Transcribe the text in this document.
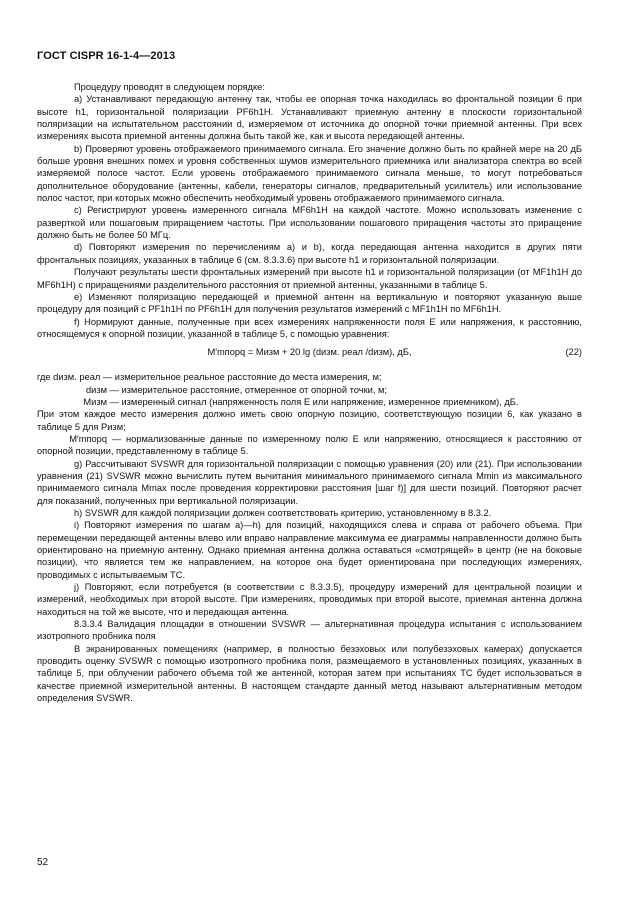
ГОСТ CISPR 16-1-4—2013

Процедуру проводят в следующем порядке:

а) Устанавливают передающую антенну так, чтобы ее опорная точка находилась во фронтальной позиции 6 при высоте h1, горизонтальной поляризации PF6h1H. Устанавливают приемную антенну в плоскости горизонтальной поляризации на испытательном расстоянии d, измеряемом от источника до опорной точки приемной антенны. При всех измерениях высота приемной антенны должна быть такой же, как и высота передающей антенны.

b) Проверяют уровень отображаемого принимаемого сигнала. Его значение должно быть по крайней мере на 20 дБ больше уровня внешних помех и уровня собственных шумов измерительного приемника или анализатора спектра во всей измеряемой полосе частот. Если уровень отображаемого принимаемого сигнала меньше, то могут потребоваться дополнительное оборудование (антенны, кабели, генераторы сигналов, предварительный усилитель) или использование полос частот, при которых можно обеспечить необходимый уровень отображаемого принимаемого сигнала.

с) Регистрируют уровень измеренного сигнала MF6h1H на каждой частоте. Можно использовать изменение с разверткой или пошаговым приращением частоты. При использовании пошагового приращения частоты это приращение должно быть не более 50 МГц.

d) Повторяют измерения по перечислениям а) и b), когда передающая антенна находится в других пяти фронтальных позициях, указанных в таблице 6 (см. 8.3.3.6) при высоте h1 и горизонтальной поляризации.

Получают результаты шести фронтальных измерений при высоте h1 и горизонтальной поляризации (от MF1h1H до MF6h1H) с приращениями разделительного расстояния от приемной антенны, указанными в таблице 5.

е) Изменяют поляризацию передающей и приемной антенн на вертикальную и повторяют указанную выше процедуру для позиций с PF1h1H по PF6h1H для получения результатов измерений с MF1h1H по MF6h1H.

f) Нормируют данные, полученные при всех измерениях напряженности поля E или напряжения, к расстоянию, относящемуся к опорной позиции, указанной в таблице 5, с помощью уравнения:

M′mпорq = Mизм + 20 lg (dизм. реал /dизм), дБ,	(22)

где dизм. реал — измерительное реальное расстояние до места измерения, м;

dизм — измерительное расстояние, отмеренное от опорной точки, м;

Mизм — измеренный сигнал (напряженность поля E или напряжение, измеренное приемником), дБ.

При этом каждое место измерения должно иметь свою опорную позицию, соответствующую позиции 6, как указано в таблице 5 для Pизм;

M′mпорq — нормализованные данные по измеренному полю E или напряжению, относящиеся к расстоянию от опорной позиции, представленному в таблице 5.

g) Рассчитывают SVSWR для горизонтальной поляризации с помощью уравнения (20) или (21). При использовании уравнения (21) SVSWR можно вычислить путем вычитания минимального принимаемого сигнала Mmin из максимального принимаемого сигнала Mmax после проведения корректировки расстояния [шаг f)] для шести позиций. Повторяют расчет для показаний, полученных при вертикальной поляризации.

h) SVSWR для каждой поляризации должен соответствовать критерию, установленному в 8.3.2.

i) Повторяют измерения по шагам а)—h) для позиций, находящихся слева и справа от рабочего объема. При перемещении передающей антенны влево или вправо направление максимума ее диаграммы направленности должно быть ориентировано на приемную антенну. Однако приемная антенна должна оставаться «смотрящей» в центр (не на боковые позиции), что является тем же направлением, на которое она будет ориентирована при последующих измерениях, проводимых с испытываемым ТС.

j) Повторяют, если потребуется (в соответствии с 8.3.3.5), процедуру измерений для центральной позиции и измерений, необходимых при второй высоте. При измерениях, проводимых при второй высоте, приемная антенна должна находиться на той же высоте, что и передающая антенна.

8.3.3.4 Валидация площадки в отношении SVSWR — альтернативная процедура испытания с использованием изотропного пробника поля

В экранированных помещениях (например, в полностью безэховых или полубезэховых камерах) допускается проводить оценку SVSWR с помощью изотропного пробника поля, размещаемого в установленных позициях, указанных в таблице 5, при облучении рабочего объема той же антенной, которая затем при испытаниях ТС будет использоваться в качестве приемной измерительной антенны. В настоящем стандарте данный метод называют альтернативным методом определения SVSWR.

52
